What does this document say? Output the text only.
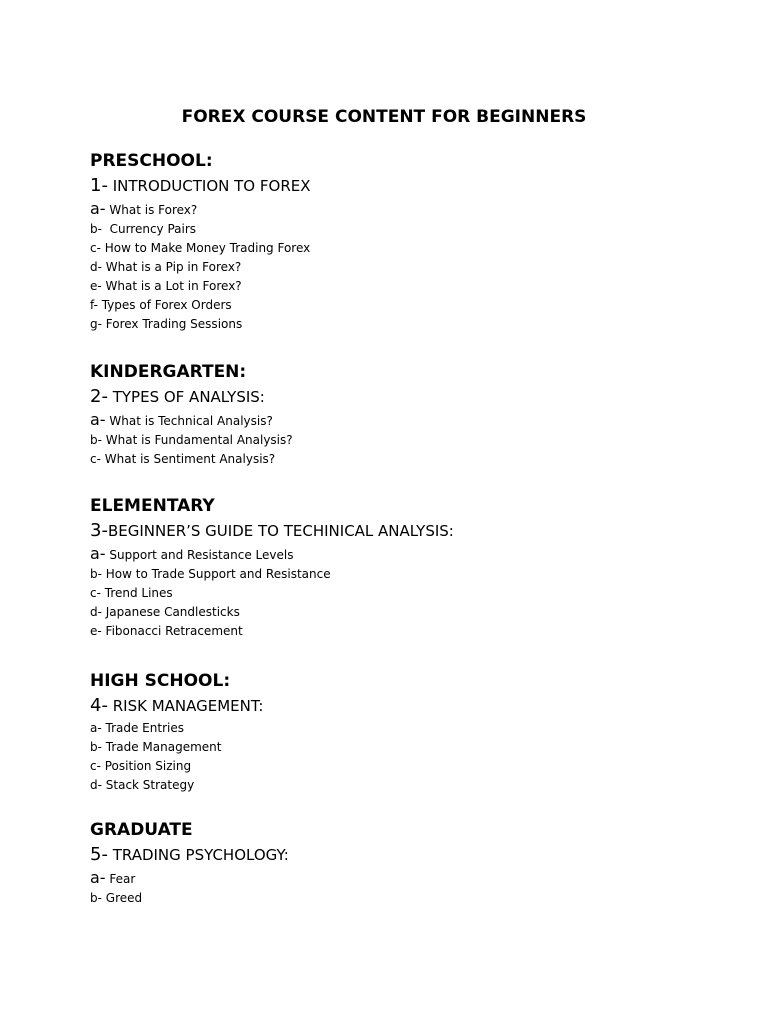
FOREX COURSE CONTENT FOR BEGINNERS

PRESCHOOL:

1- INTRODUCTION TO FOREX

a- What is Forex?

b-  Currency Pairs

c- How to Make Money Trading Forex

d- What is a Pip in Forex?

e- What is a Lot in Forex?

f- Types of Forex Orders

g- Forex Trading Sessions

KINDERGARTEN:

2- TYPES OF ANALYSIS:

a- What is Technical Analysis?

b- What is Fundamental Analysis?

c- What is Sentiment Analysis?

ELEMENTARY

3-BEGINNER’S GUIDE TO TECHINICAL ANALYSIS:

a- Support and Resistance Levels

b- How to Trade Support and Resistance

c- Trend Lines

d- Japanese Candlesticks

e- Fibonacci Retracement

HIGH SCHOOL:

4- RISK MANAGEMENT:

a- Trade Entries

b- Trade Management

c- Position Sizing

d- Stack Strategy

GRADUATE

5- TRADING PSYCHOLOGY:

a- Fear

b- Greed
